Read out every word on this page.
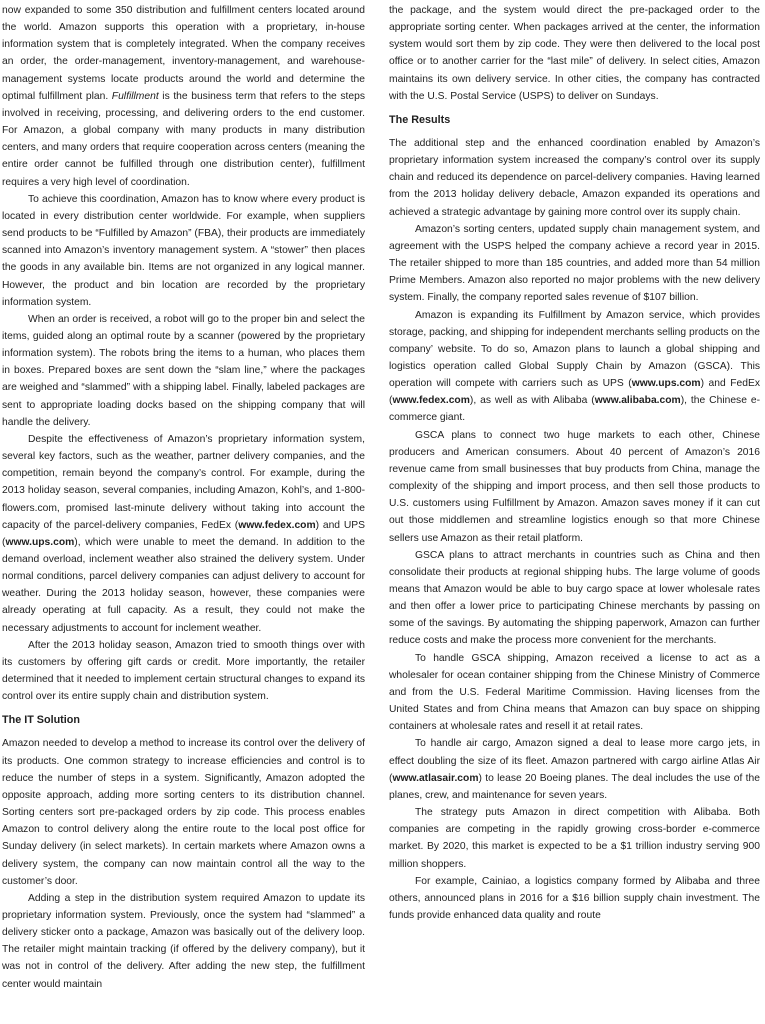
now expanded to some 350 distribution and fulfillment centers located around the world. Amazon supports this operation with a proprietary, in-house information system that is completely integrated. When the company receives an order, the order-management, inventory-management, and warehouse-management systems locate products around the world and determine the optimal fulfillment plan. Fulfillment is the business term that refers to the steps involved in receiving, processing, and delivering orders to the end customer. For Amazon, a global company with many products in many distribution centers, and many orders that require cooperation across centers (meaning the entire order cannot be fulfilled through one distribution center), fulfillment requires a very high level of coordination.

To achieve this coordination, Amazon has to know where every product is located in every distribution center worldwide. For example, when suppliers send products to be “Fulfilled by Amazon” (FBA), their products are immediately scanned into Amazon’s inventory management system. A “stower” then places the goods in any available bin. Items are not organized in any logical manner. However, the product and bin location are recorded by the proprietary information system.

When an order is received, a robot will go to the proper bin and select the items, guided along an optimal route by a scanner (powered by the proprietary information system). The robots bring the items to a human, who places them in boxes. Prepared boxes are sent down the “slam line,” where the packages are weighed and “slammed” with a shipping label. Finally, labeled packages are sent to appropriate loading docks based on the shipping company that will handle the delivery.

Despite the effectiveness of Amazon’s proprietary information system, several key factors, such as the weather, partner delivery companies, and the competition, remain beyond the company’s control. For example, during the 2013 holiday season, several companies, including Amazon, Kohl’s, and 1-800-flowers.com, promised last-minute delivery without taking into account the capacity of the parcel-delivery companies, FedEx (www.fedex.com) and UPS (www.ups.com), which were unable to meet the demand. In addition to the demand overload, inclement weather also strained the delivery system. Under normal conditions, parcel delivery companies can adjust delivery to account for weather. During the 2013 holiday season, however, these companies were already operating at full capacity. As a result, they could not make the necessary adjustments to account for inclement weather.

After the 2013 holiday season, Amazon tried to smooth things over with its customers by offering gift cards or credit. More importantly, the retailer determined that it needed to implement certain structural changes to expand its control over its entire supply chain and distribution system.

The IT Solution

Amazon needed to develop a method to increase its control over the delivery of its products. One common strategy to increase efficiencies and control is to reduce the number of steps in a system. Significantly, Amazon adopted the opposite approach, adding more sorting centers to its distribution channel. Sorting centers sort pre-packaged orders by zip code. This process enables Amazon to control delivery along the entire route to the local post office for Sunday delivery (in select markets). In certain markets where Amazon owns a delivery system, the company can now maintain control all the way to the customer’s door.

Adding a step in the distribution system required Amazon to update its proprietary information system. Previously, once the system had “slammed” a delivery sticker onto a package, Amazon was basically out of the delivery loop. The retailer might maintain tracking (if offered by the delivery company), but it was not in control of the delivery. After adding the new step, the fulfillment center would maintain

the package, and the system would direct the pre-packaged order to the appropriate sorting center. When packages arrived at the center, the information system would sort them by zip code. They were then delivered to the local post office or to another carrier for the “last mile” of delivery. In select cities, Amazon maintains its own delivery service. In other cities, the company has contracted with the U.S. Postal Service (USPS) to deliver on Sundays.

The Results

The additional step and the enhanced coordination enabled by Amazon’s proprietary information system increased the company’s control over its supply chain and reduced its dependence on parcel-delivery companies. Having learned from the 2013 holiday delivery debacle, Amazon expanded its operations and achieved a strategic advantage by gaining more control over its supply chain.

Amazon’s sorting centers, updated supply chain management system, and agreement with the USPS helped the company achieve a record year in 2015. The retailer shipped to more than 185 countries, and added more than 54 million Prime Members. Amazon also reported no major problems with the new delivery system. Finally, the company reported sales revenue of $107 billion.

Amazon is expanding its Fulfillment by Amazon service, which provides storage, packing, and shipping for independent merchants selling products on the company’ website. To do so, Amazon plans to launch a global shipping and logistics operation called Global Supply Chain by Amazon (GSCA). This operation will compete with carriers such as UPS (www.ups.com) and FedEx (www.fedex.com), as well as with Alibaba (www.alibaba.com), the Chinese e-commerce giant.

GSCA plans to connect two huge markets to each other, Chinese producers and American consumers. About 40 percent of Amazon’s 2016 revenue came from small businesses that buy products from China, manage the complexity of the shipping and import process, and then sell those products to U.S. customers using Fulfillment by Amazon. Amazon saves money if it can cut out those middlemen and streamline logistics enough so that more Chinese sellers use Amazon as their retail platform.

GSCA plans to attract merchants in countries such as China and then consolidate their products at regional shipping hubs. The large volume of goods means that Amazon would be able to buy cargo space at lower wholesale rates and then offer a lower price to participating Chinese merchants by passing on some of the savings. By automating the shipping paperwork, Amazon can further reduce costs and make the process more convenient for the merchants.

To handle GSCA shipping, Amazon received a license to act as a wholesaler for ocean container shipping from the Chinese Ministry of Commerce and from the U.S. Federal Maritime Commission. Having licenses from the United States and from China means that Amazon can buy space on shipping containers at wholesale rates and resell it at retail rates.

To handle air cargo, Amazon signed a deal to lease more cargo jets, in effect doubling the size of its fleet. Amazon partnered with cargo airline Atlas Air (www.atlasair.com) to lease 20 Boeing planes. The deal includes the use of the planes, crew, and maintenance for seven years.

The strategy puts Amazon in direct competition with Alibaba. Both companies are competing in the rapidly growing cross-border e-commerce market. By 2020, this market is expected to be a $1 trillion industry serving 900 million shoppers.

For example, Cainiao, a logistics company formed by Alibaba and three others, announced plans in 2016 for a $16 billion supply chain investment. The funds provide enhanced data quality and route
